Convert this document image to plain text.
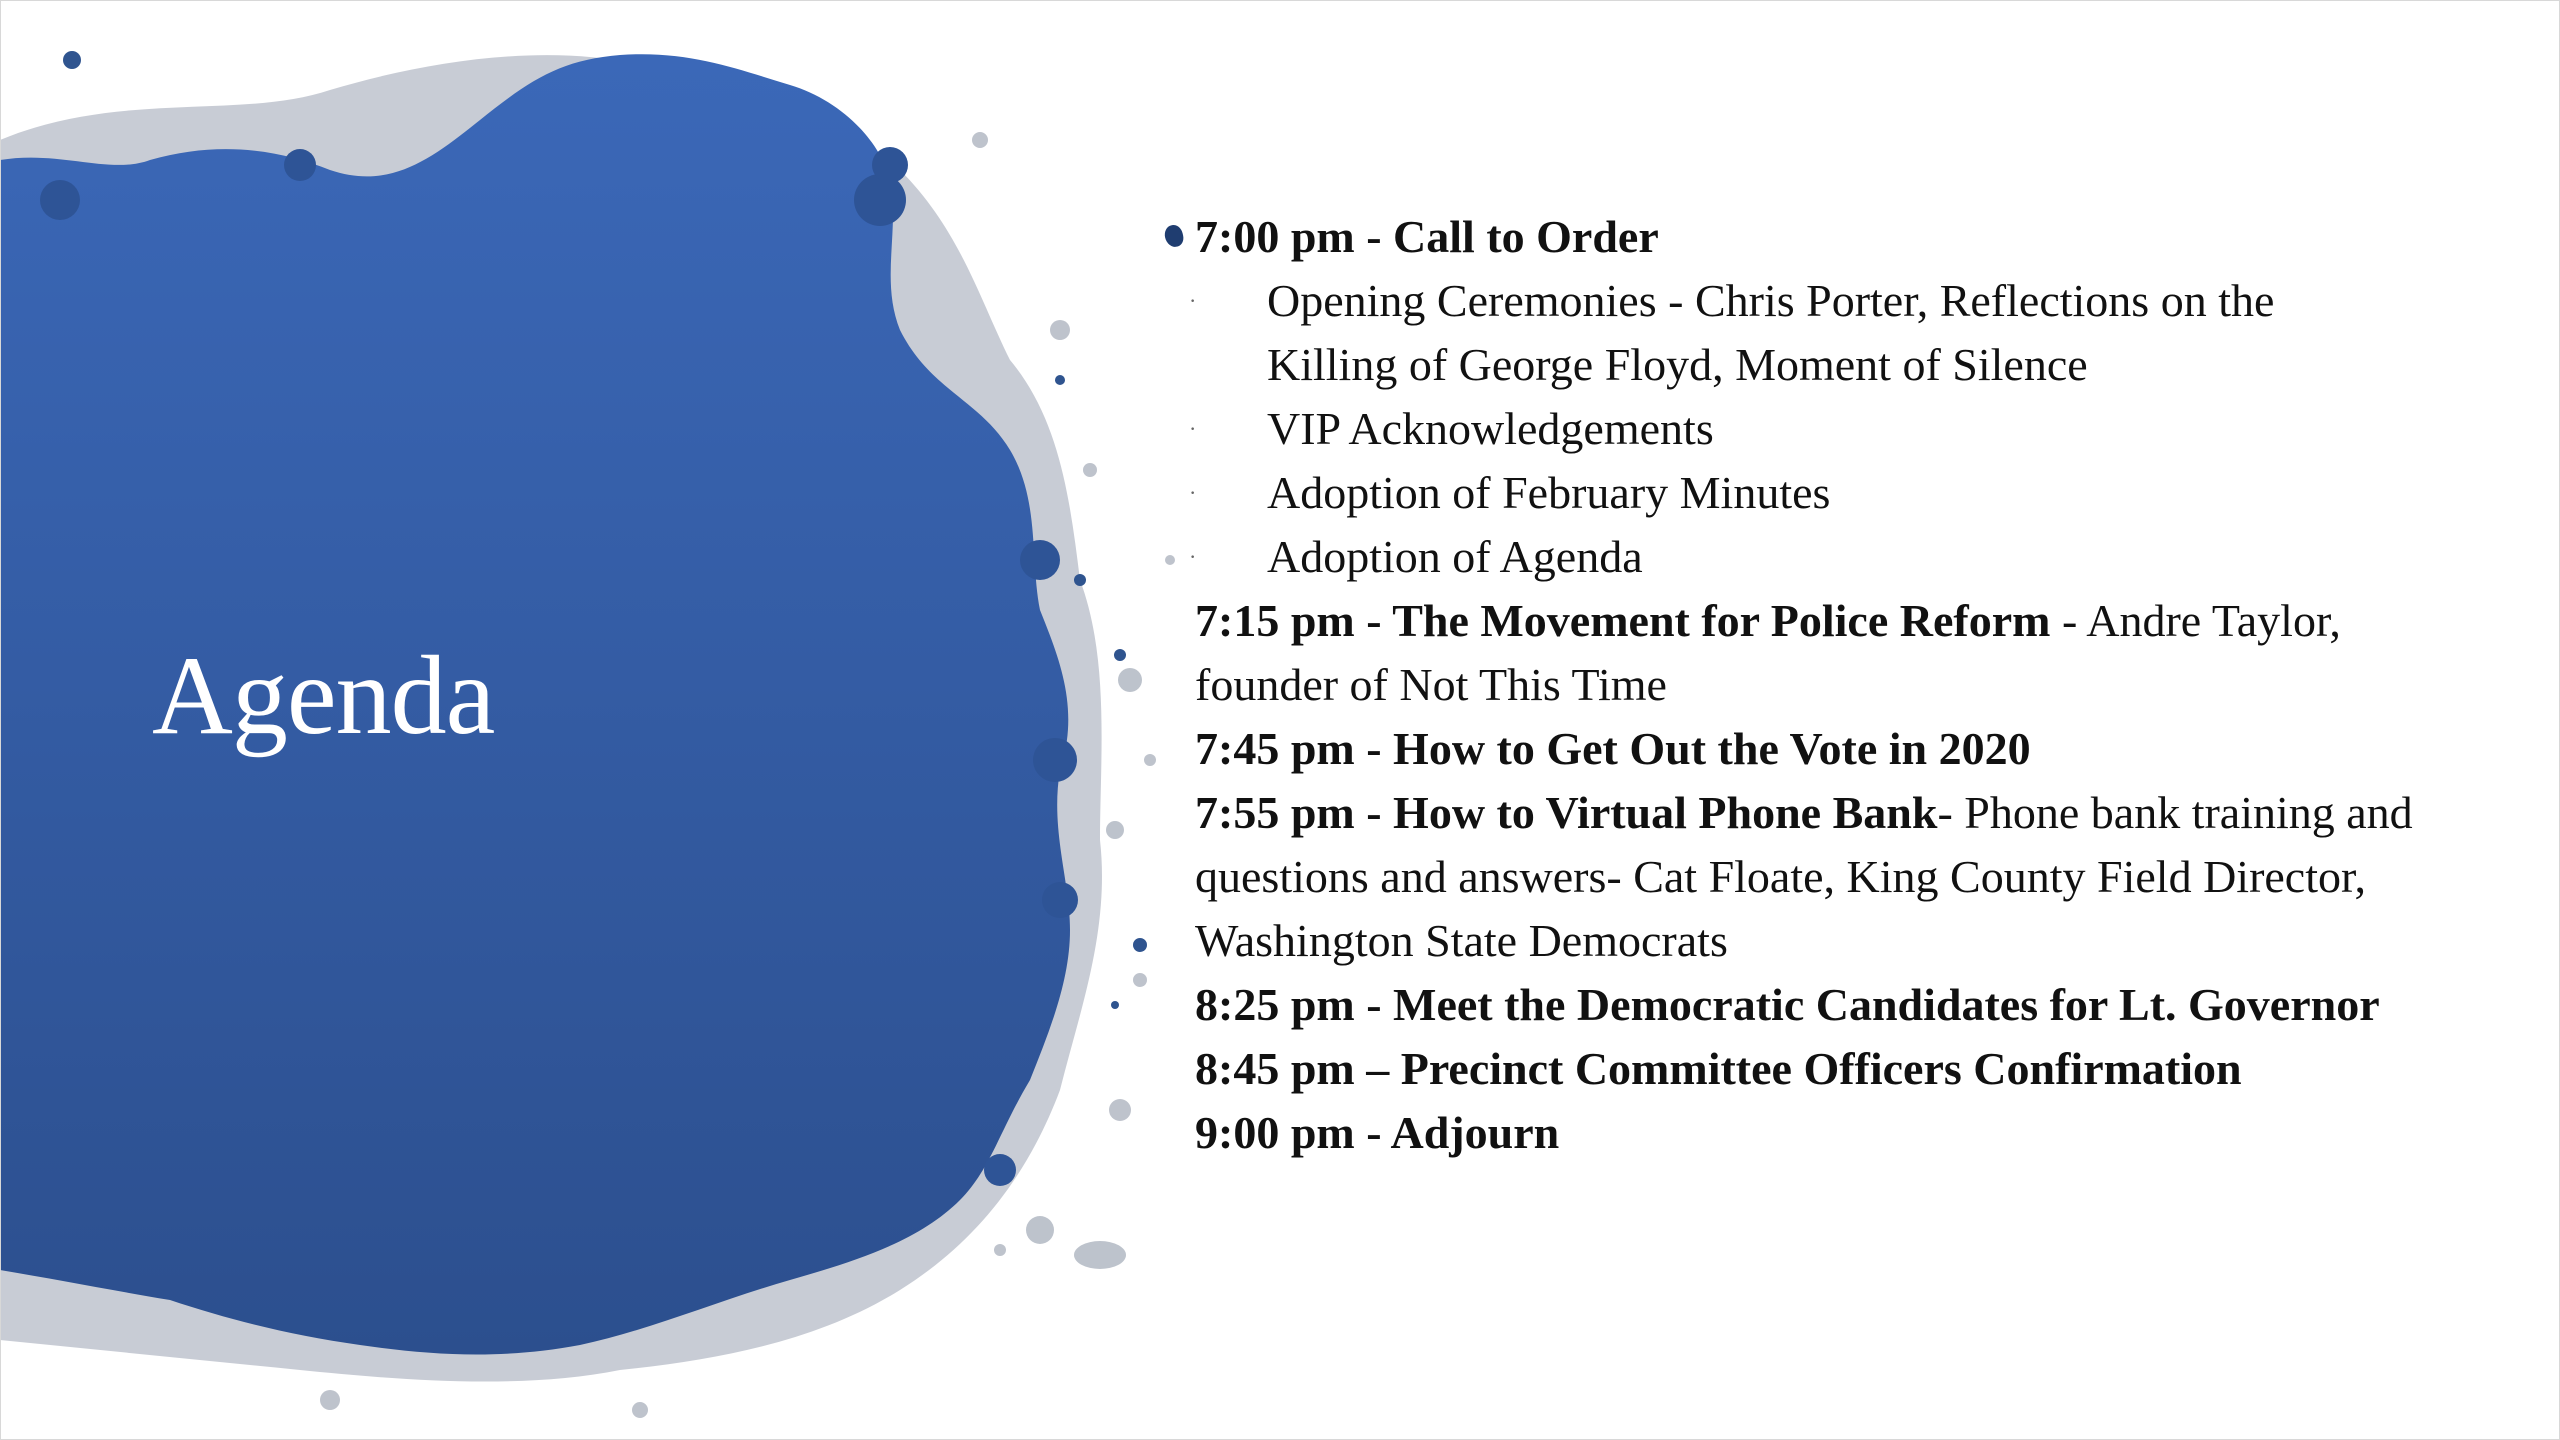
Agenda
7:00 pm - Call to Order
· Opening Ceremonies - Chris Porter, Reflections on the
Killing of George Floyd, Moment of Silence
· VIP Acknowledgements
· Adoption of February Minutes
· Adoption of Agenda
7:15 pm - The Movement for Police Reform - Andre Taylor, founder of Not This Time
7:45 pm - How to Get Out the Vote in 2020
7:55 pm - How to Virtual Phone Bank- Phone bank training and questions and answers- Cat Floate, King County Field Director, Washington State Democrats
8:25 pm - Meet the Democratic Candidates for Lt. Governor
8:45 pm – Precinct Committee Officers Confirmation
9:00 pm - Adjourn
